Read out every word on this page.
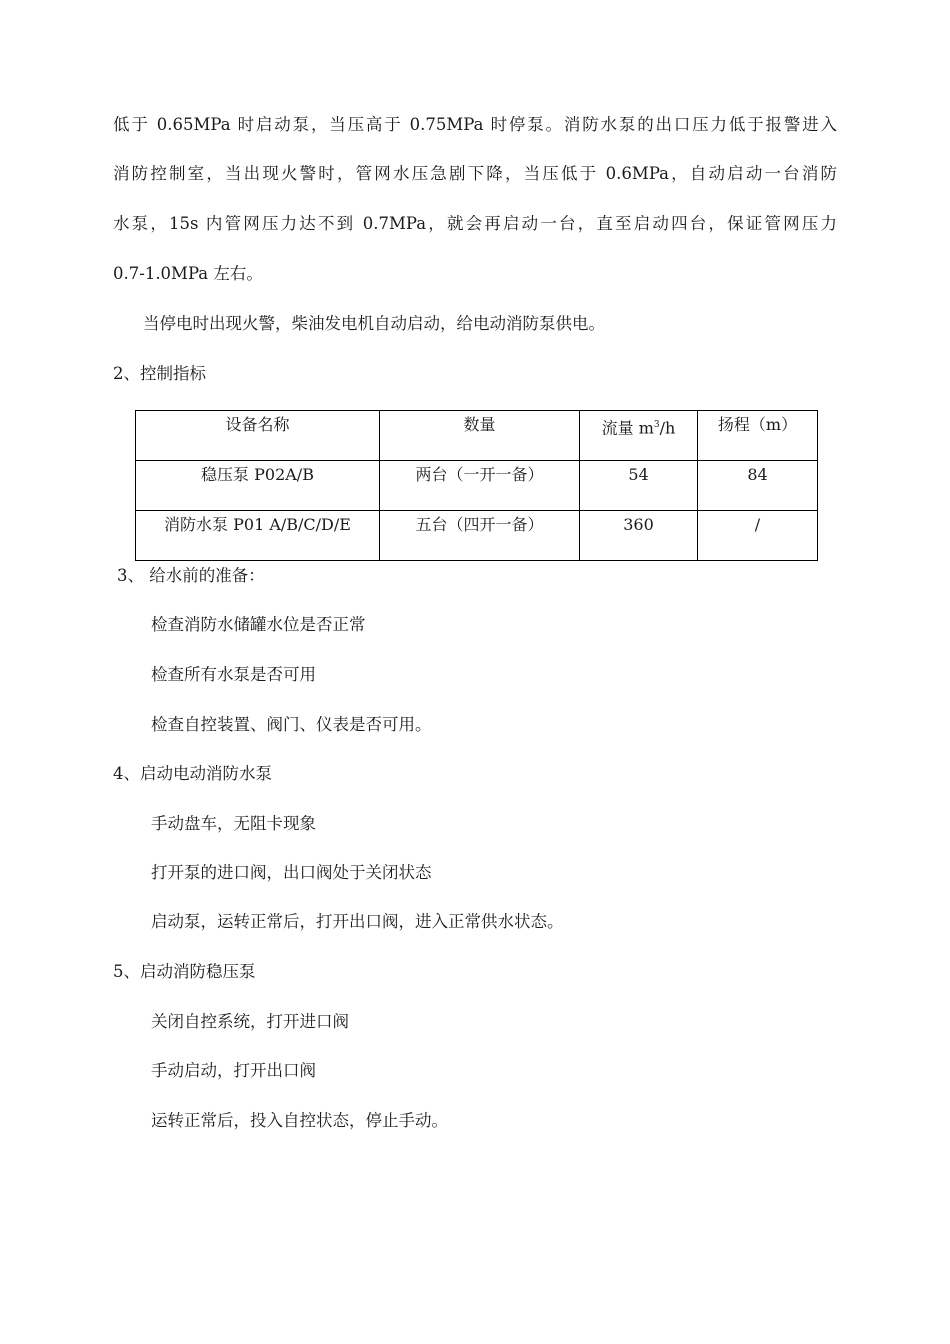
低于 0.65MPa 时启动泵，当压高于 0.75MPa 时停泵。消防水泵的出口压力低于报警进入
消防控制室，当出现火警时，管网水压急剧下降，当压低于 0.6MPa，自动启动一台消防
水泵，15s 内管网压力达不到 0.7MPa，就会再启动一台，直至启动四台，保证管网压力
0.7-1.0MPa 左右。
当停电时出现火警，柴油发电机自动启动，给电动消防泵供电。
2、控制指标
设备名称	数量	流量 $m^3/h$	扬程（m）
稳压泵 P02A/B	两台（一开一备）	54	84
消防水泵 P01 A/B/C/D/E	五台（四开一备）	360	/
3、 给水前的准备：
检查消防水储罐水位是否正常
检查所有水泵是否可用
检查自控装置、阀门、仪表是否可用。
4、启动电动消防水泵
手动盘车，无阻卡现象
打开泵的进口阀，出口阀处于关闭状态
启动泵，运转正常后，打开出口阀，进入正常供水状态。
5、启动消防稳压泵
关闭自控系统，打开进口阀
手动启动，打开出口阀
运转正常后，投入自控状态，停止手动。
